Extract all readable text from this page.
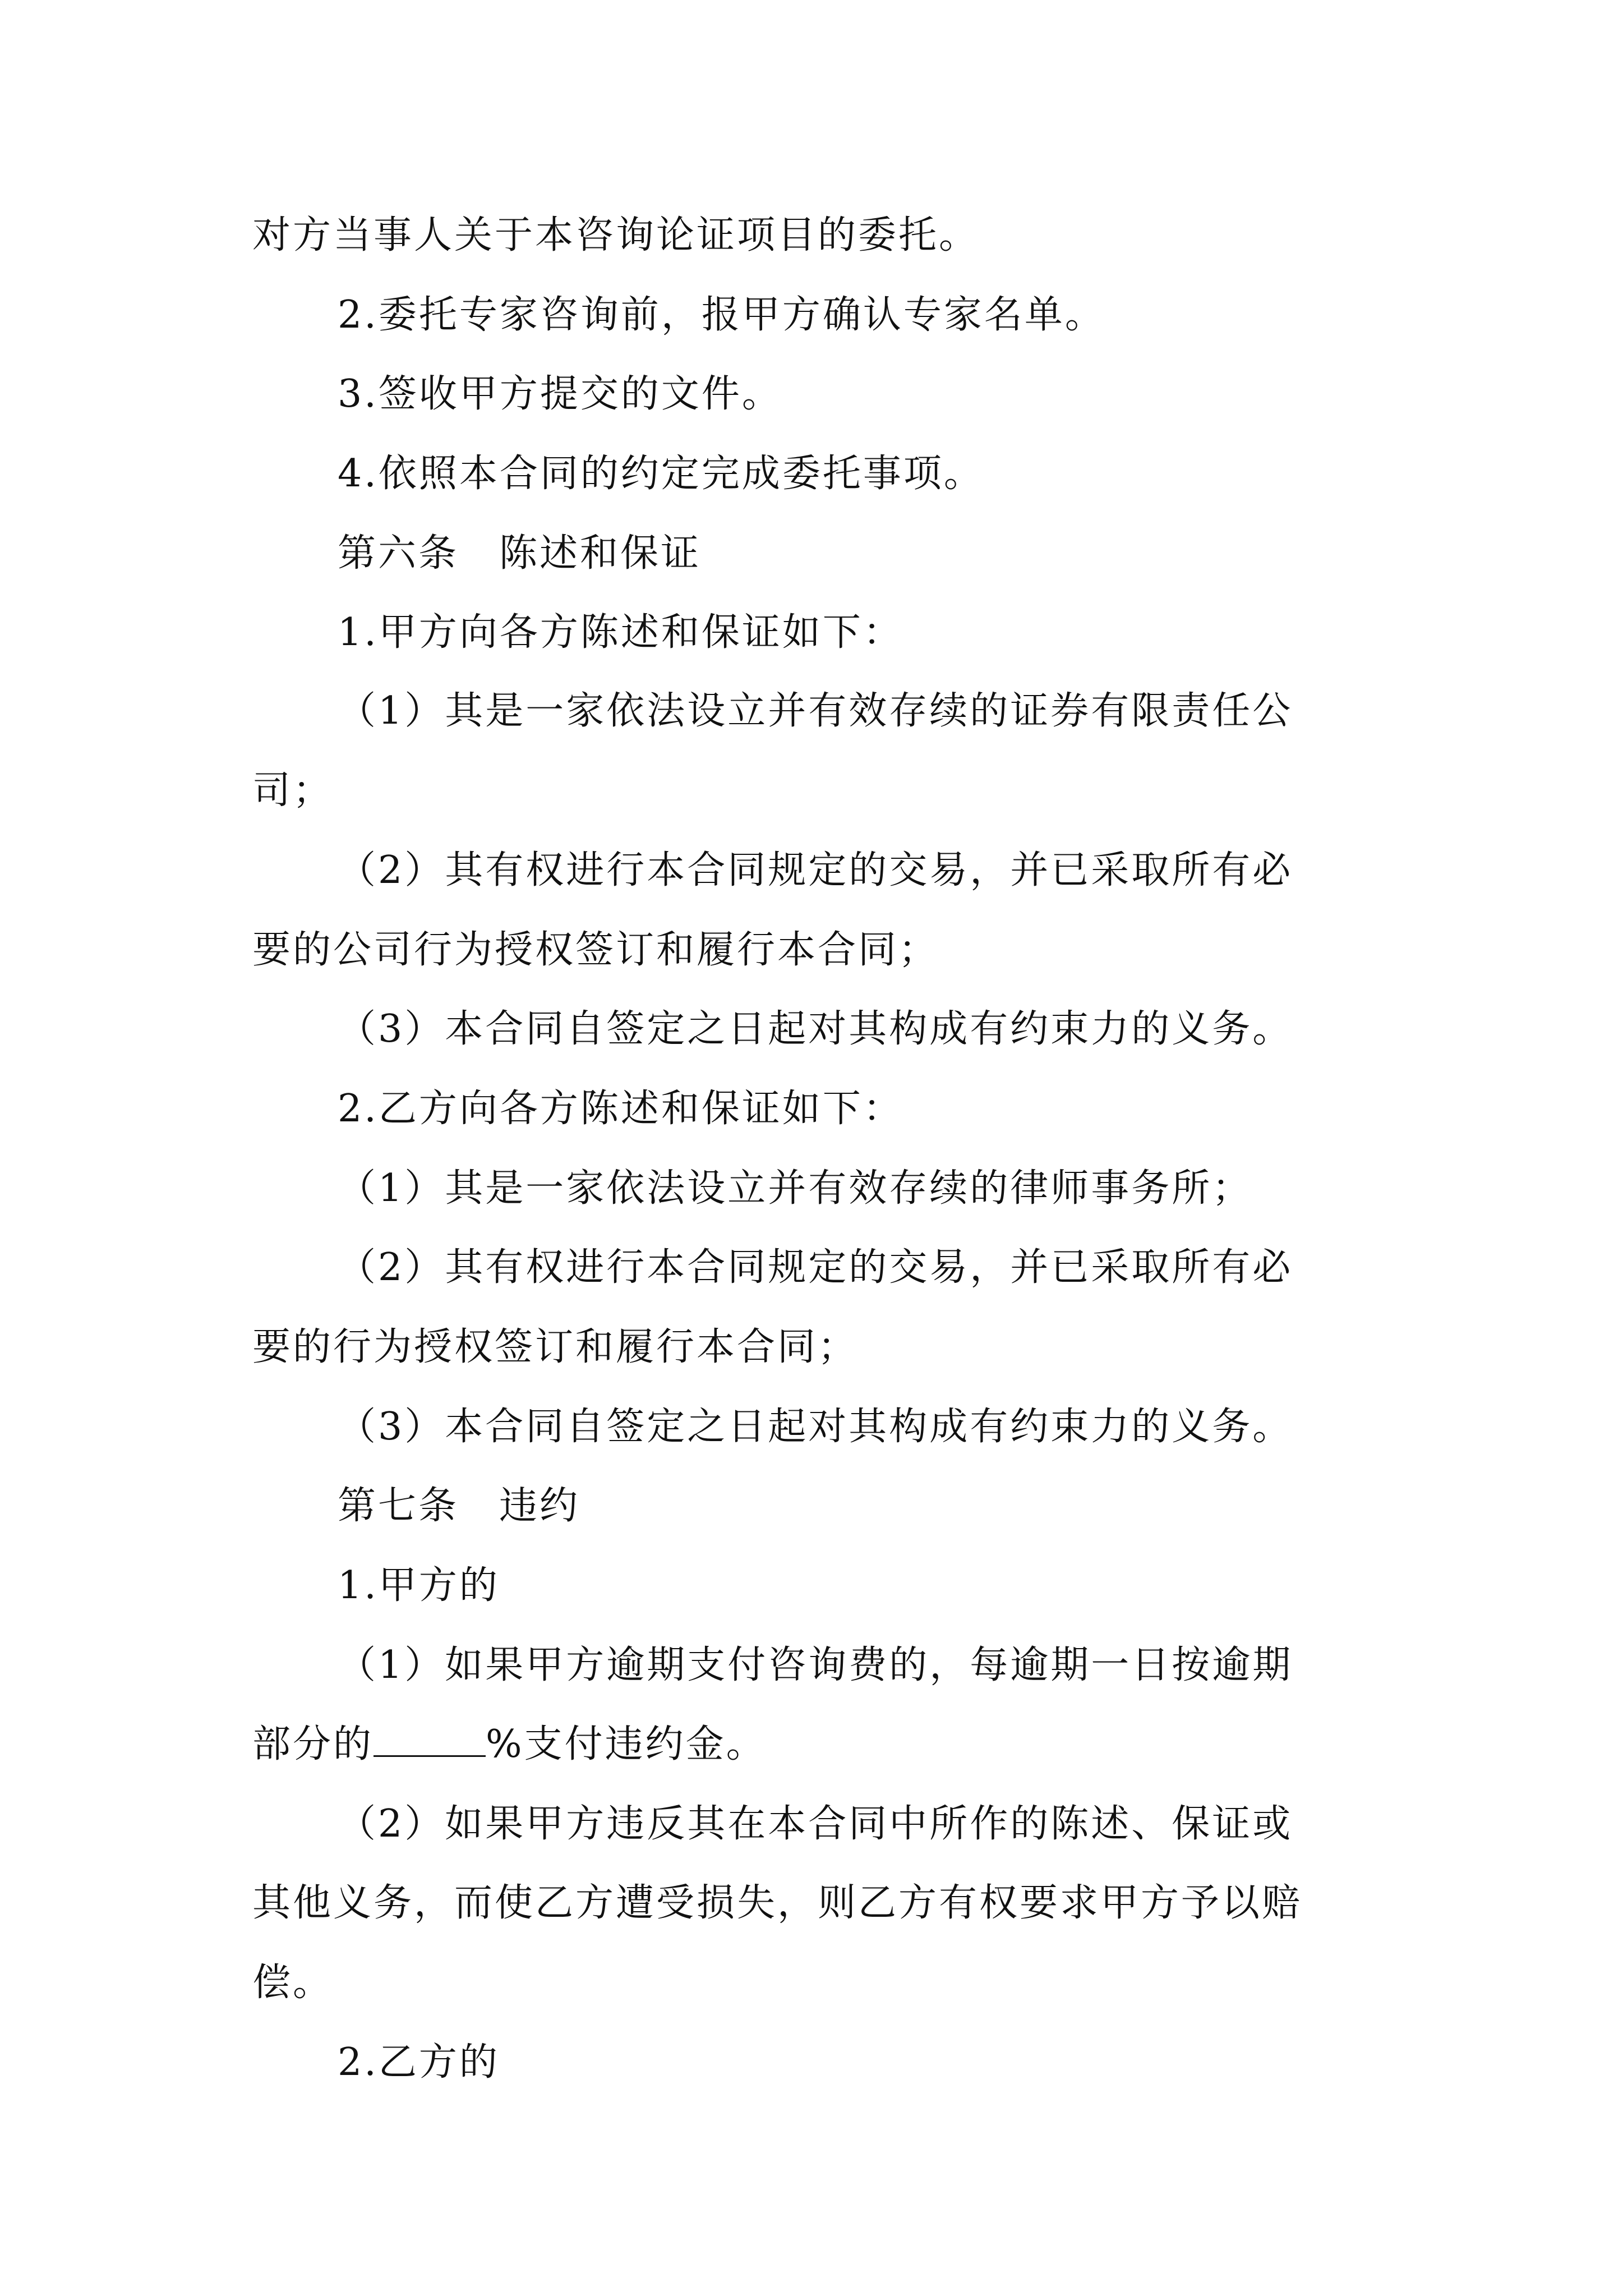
对方当事人关于本咨询论证项目的委托。
2.委托专家咨询前，报甲方确认专家名单。
3.签收甲方提交的文件。
4.依照本合同的约定完成委托事项。
第六条　陈述和保证
1.甲方向各方陈述和保证如下：
（1）其是一家依法设立并有效存续的证券有限责任公
司；
（2）其有权进行本合同规定的交易，并已采取所有必
要的公司行为授权签订和履行本合同；
（3）本合同自签定之日起对其构成有约束力的义务。
2.乙方向各方陈述和保证如下：
（1）其是一家依法设立并有效存续的律师事务所；
（2）其有权进行本合同规定的交易，并已采取所有必
要的行为授权签订和履行本合同；
（3）本合同自签定之日起对其构成有约束力的义务。
第七条　违约
1.甲方的
（1）如果甲方逾期支付咨询费的，每逾期一日按逾期
部分的	%支付违约金。
（2）如果甲方违反其在本合同中所作的陈述、保证或
其他义务，而使乙方遭受损失，则乙方有权要求甲方予以赔
偿。
2.乙方的
